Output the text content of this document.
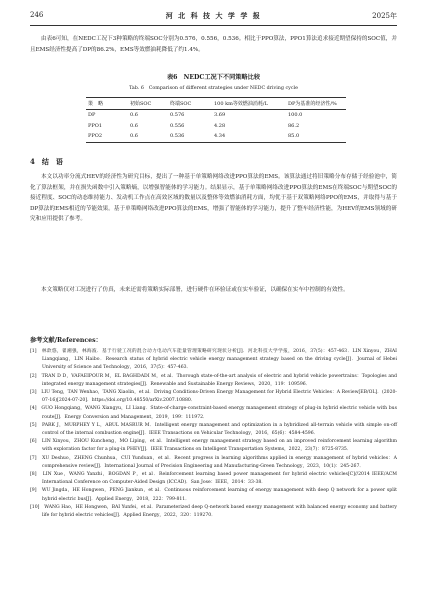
246	河 北 科 技 大 学 学 报	2025年
由表6可知，在NEDC工况下3种策略的终端SOC分别为0.576，0.556，0.536。相比于PPO算法，PPO1算法追求接近期望保持的SOC值，并且EMS经济性提高了DP的86.2%，EMS等效燃油耗降低了约1.4%。
表6　NEDC工况下不同策略比较
Tab. 6　Comparison of different strategies under NEDC driving cycle
策　略	初始SOC	终端SOC	100 km等效燃油消耗/L	DP为基准的经济性/%
DP	0.6	0.576	3.69	100.0
PPO1	0.6	0.556	4.28	86.2
PPO2	0.6	0.536	4.34	85.0
4　结　语
本文以功率分流式HEV的经济性为研究目标，提出了一种基于单策略网络改进PPO算法的EMS。该算法通过将旧策略分布存储于经验池中，简化了算法框架，并在损失函数中引入策略熵，以增强智能体的学习能力。结果显示，基于单策略网络改进PPO算法的EMS在终端SOC与期望SOC的接近程度、SOC的动态维持能力、发动机工作点在高效区域的数量以及整体等效燃油消耗方面，均优于基于双策略网络PPO的EMS，并取得与基于DP算法的EMS相近的节能效果。基于单策略网络改进PPO算法的EMS，增强了智能体的学习能力，提升了整车经济性能，为HEV的EMS领域的研究和应用提供了参考。
本文策略仅对工况进行了仿真，未来还需将策略实际部署，进行硬件在环验证或在实车验证，以确保在实车中控制的有效性。
参考文献/References：
[1]　林歆悠，翟湘强，林海波．基于行驶工况的混合动力电动汽车能量管理策略研究现状分析[J]．河北科技大学学报，2016，37(5)：457-463．LIN Xinyou，ZHAI Liangqiang，LIN Haibo．Research status of hybrid electric vehicle energy management strategy based on the driving cycle[J]．Journal of Hebei University of Science and Technology，2016，37(5)：457-463．
[2]　TRAN D D，VAFAEIPOUR M，EL BAGHDADI M，et al．Thorough state-of-the-art analysis of electric and hybrid vehicle powertrains：Topologies and integrated energy management strategies[J]．Renewable and Sustainable Energy Reviews，2020，119：109596．
[3]　LIU Teng，TAN Wenhao，TANG Xiaolin，et al．Driving Conditions-Driven Energy Management for Hybrid Electric Vehicles：A Review[EB/OL]．(2020-07-16)[2024-07-20]．https://doi.org/10.48550/arXiv.2007.10880．
[4]　GUO Hongqiang，WANG Xiangyu，LI Liang．State-of-charge-constraint-based energy management strategy of plug-in hybrid electric vehicle with bus route[J]．Energy Conversion and Management，2019，199：111972．
[5]　PARK J，MURPHEY Y L，ABUL MASRUR M．Intelligent energy management and optimization in a hybridized all-terrain vehicle with simple on-off control of the internal combustion engine[J]．IEEE Transactions on Vehicular Technology，2016，65(6)：4584-4596．
[6]　LIN Xinyou，ZHOU Kuncheng，MO Liping，et al．Intelligent energy management strategy based on an improved reinforcement learning algorithm with exploration factor for a plug-in PHEV[J]．IEEE Transactions on Intelligent Transportation Systems，2022，23(7)：8725-8735．
[7]　XU Deshuo，ZHENG Chunhua，CUI Yunduan，et al．Recent progress in learning algorithms applied in energy management of hybrid vehicles：A comprehensive review[J]．International Journal of Precision Engineering and Manufacturing-Green Technology，2023，10(1)：245-267．
[8]　LIN Xue，WANG Yanzhi，BOGDAN P，et al．Reinforcement learning based power management for hybrid electric vehicles[C]//2014 IEEE/ACM International Conference on Computer-Aided Design (ICCAD)．San Jose：IEEE，2014：33-38．
[9]　WU Jingda，HE Hongwen，PENG Jiankun，et al．Continuous reinforcement learning of energy management with deep Q network for a power split hybrid electric bus[J]．Applied Energy，2018，222：799-811．
[10]　WANG Hao，HE Hongwen，BAI Yunfei，et al．Parameterized deep Q-network based energy management with balanced energy economy and battery life for hybrid electric vehicles[J]．Applied Energy，2022，320：119270．
